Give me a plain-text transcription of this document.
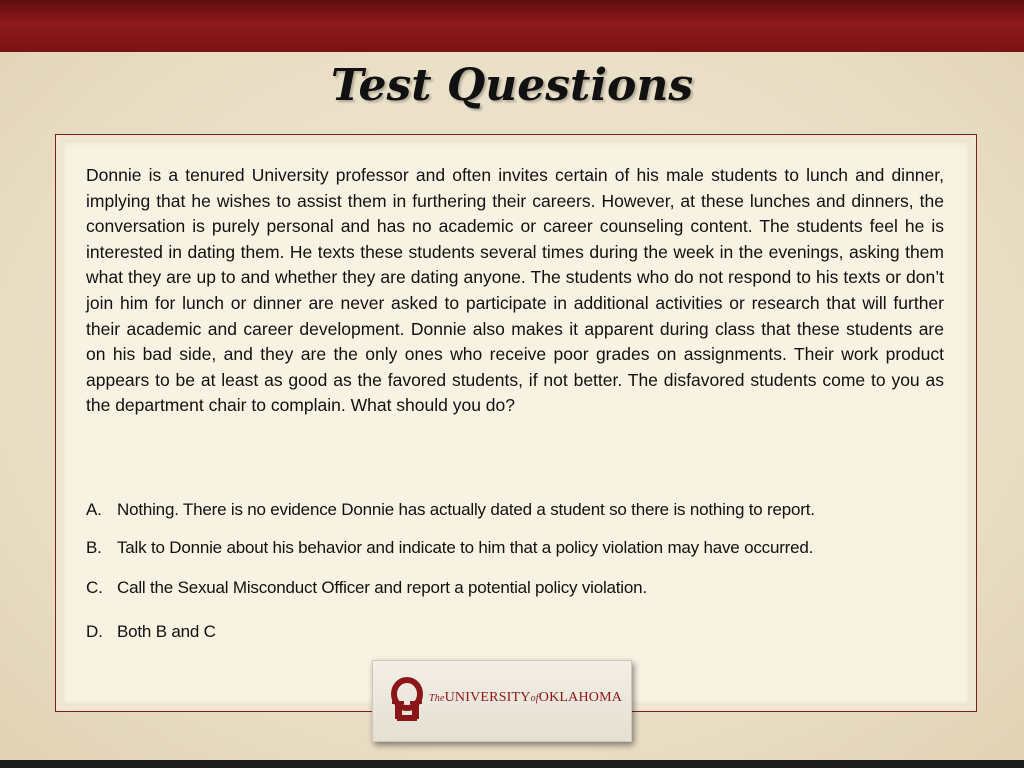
Test Questions

Donnie is a tenured University professor and often invites certain of his male students to lunch and dinner, implying that he wishes to assist them in furthering their careers. However, at these lunches and dinners, the conversation is purely personal and has no academic or career counseling content. The students feel he is interested in dating them. He texts these students several times during the week in the evenings, asking them what they are up to and whether they are dating anyone. The students who do not respond to his texts or don’t join him for lunch or dinner are never asked to participate in additional activities or research that will further their academic and career development. Donnie also makes it apparent during class that these students are on his bad side, and they are the only ones who receive poor grades on assignments. Their work product appears to be at least as good as the favored students, if not better. The disfavored students come to you as the department chair to complain. What should you do?

A. Nothing. There is no evidence Donnie has actually dated a student so there is nothing to report.

B. Talk to Donnie about his behavior and indicate to him that a policy violation may have occurred.

C. Call the Sexual Misconduct Officer and report a potential policy violation.

D. Both B and C

TheUNIVERSITYofOKLAHOMA
